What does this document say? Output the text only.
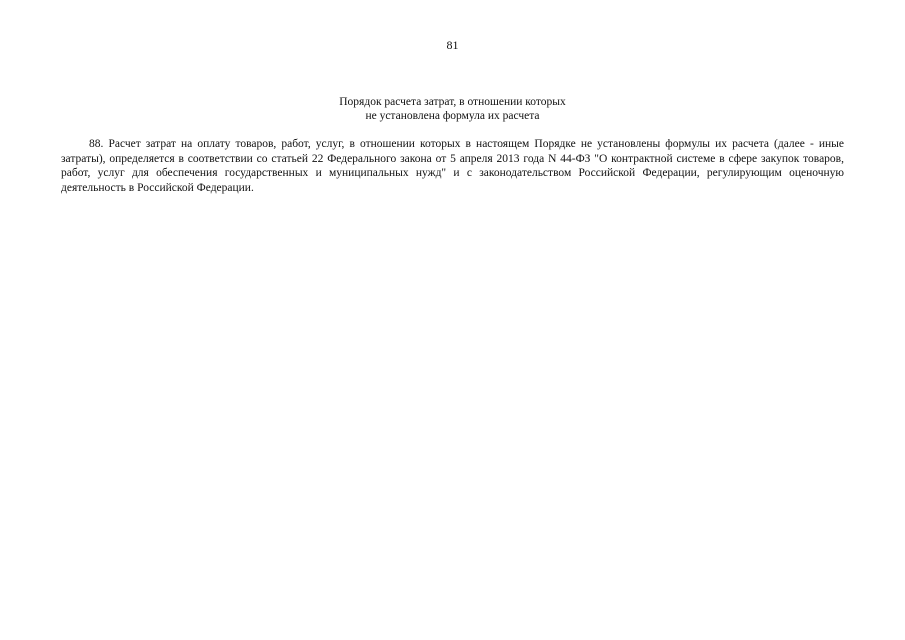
81
Порядок расчета затрат, в отношении которых
не установлена формула их расчета

88. Расчет затрат на оплату товаров, работ, услуг, в отношении которых в настоящем Порядке не установлены формулы их расчета (далее - иные затраты), определяется в соответствии со статьей 22 Федерального закона от 5 апреля 2013 года N 44-ФЗ "О контрактной системе в сфере закупок товаров, работ, услуг для обеспечения государственных и муниципальных нужд" и с законодательством Российской Федерации, регулирующим оценочную деятельность в Российской Федерации.
